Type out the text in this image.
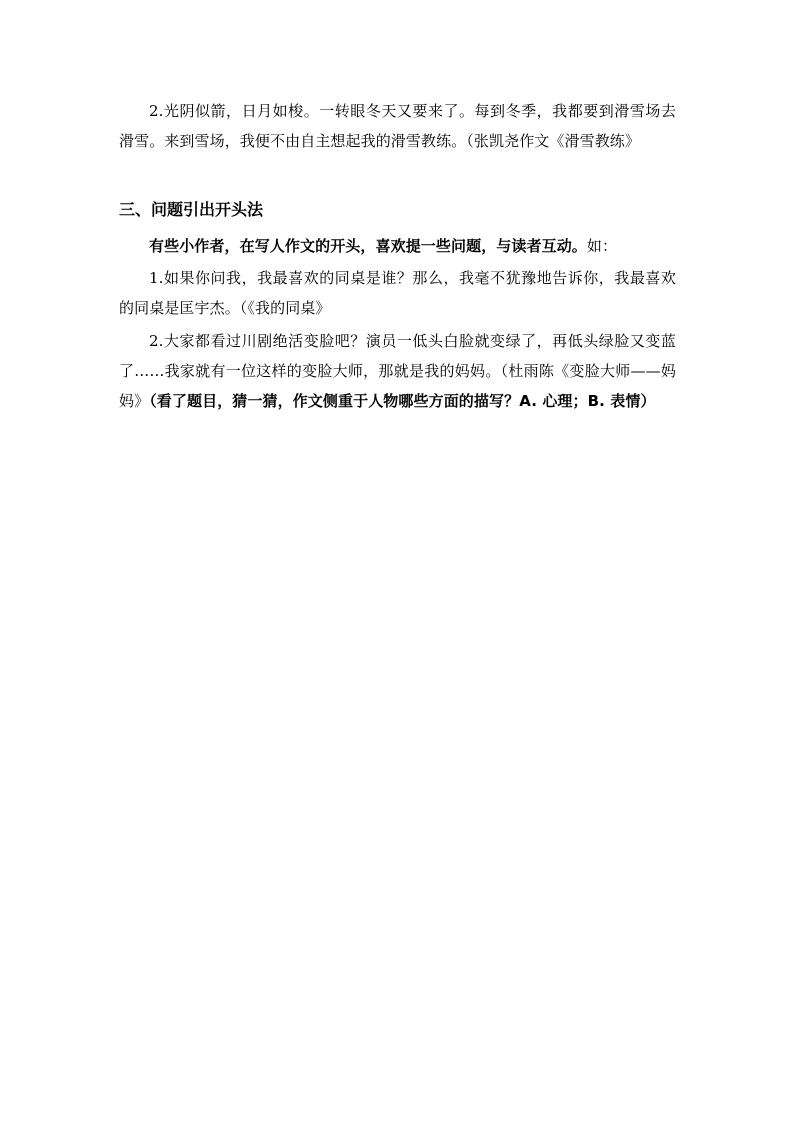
2.光阴似箭，日月如梭。一转眼冬天又要来了。每到冬季，我都要到滑雪场去滑雪。来到雪场，我便不由自主想起我的滑雪教练。（张凯尧作文《滑雪教练》

三、问题引出开头法

有些小作者，在写人作文的开头，喜欢提一些问题，与读者互动。如：

1.如果你问我，我最喜欢的同桌是谁？那么，我毫不犹豫地告诉你，我最喜欢的同桌是匡宇杰。（《我的同桌》

2.大家都看过川剧绝活变脸吧？演员一低头白脸就变绿了，再低头绿脸又变蓝了……我家就有一位这样的变脸大师，那就是我的妈妈。（杜雨陈《变脸大师——妈妈》（看了题目，猜一猜，作文侧重于人物哪些方面的描写？A. 心理；B. 表情）
